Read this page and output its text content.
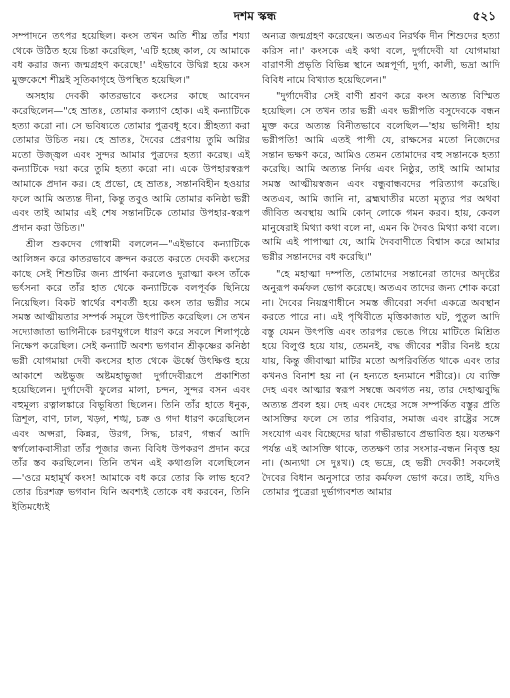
দশম স্কন্ধ	৫২১

সম্পাদনে তৎপর হয়েছিল। কংস তখন অতি শীঘ্র তাঁর শয্যা থেকে উঠিত হয়ে চিন্তা করেছিল, 'এটি হচ্ছে কাল, যে আমাকে বধ করার জন্য জন্মগ্রহণ করেছে!' এইভাবে উদ্বিগ্ন হয়ে কংস মুক্তকেশে শীঘ্রই সূতিকাগৃহে উপস্থিত হয়েছিল।"

অসহায় দেবকী কাতরভাবে কংসের কাছে আবেদন করেছিলেন—"হে ভ্রাতঃ, তোমার কল্যাণ হোক। এই কন্যাটিকে হত্যা করো না। সে ভবিষ্যতে তোমার পুত্রবধূ হবে। স্ত্রীহত্যা করা তোমার উচিত নয়। হে ভ্রাতঃ, দৈবের প্রেরণায় তুমি অগ্নির মতো উজ্জ্বল এবং সুন্দর আমার পুত্রদের হত্যা করেছ। এই কন্যাটিকে দয়া করে তুমি হত্যা করো না। একে উপহারস্বরূপ আমাকে প্রদান কর। হে প্রভো, হে ভ্রাতঃ, সন্তানবিহীন হওয়ার ফলে আমি অত্যন্ত দীনা, কিন্তু তবুও আমি তোমার কনিষ্ঠা ভগ্নী এবং তাই আমার এই শেষ সন্তানটিকে তোমার উপহার-স্বরূপ প্রদান করা উচিত।"

শ্রীল শুকদেব গোস্বামী বললেন—"এইভাবে কন্যাটিকে আলিঙ্গন করে কাতরভাবে ক্রন্দন করতে করতে দেবকী কংসের কাছে সেই শিশুটির জন্য প্রার্থনা করলেও দুরাত্মা কংস তাঁকে ভর্ৎসনা করে তাঁর হাত থেকে কন্যাটিকে বলপূর্বক ছিনিয়ে নিয়েছিল। বিকট স্বার্থের বশবর্তী হয়ে কংস তার ভগ্নীর সমে সমস্ত আত্মীয়তার সম্পর্ক সমূলে উৎপাটিত করেছিল। সে তখন সদ্যোজাতা ভাগিনীকে চরণযুগলে ধারণ করে সবলে শিলাপৃষ্ঠে নিক্ষেপ করেছিল। সেই কন্যাটি অবশ্য ভগবান শ্রীকৃষ্ণের কনিষ্ঠা ভগ্নী যোগমায়া দেবী কংসের হাত থেকে ঊর্ধ্বে উৎক্ষিপ্ত হয়ে আকাশে অষ্টভুজ অষ্টমহাভুজা দুর্গাদেবীরূপে প্রকাশিতা হয়েছিলেন। দুর্গাদেবী ফুলের মালা, চন্দন, সুন্দর বসন এবং বহুমূল্য রত্নালঙ্কারে বিভূষিতা ছিলেন। তিনি তাঁর হাতে ধনুক, ত্রিশূল, বাণ, ঢাল, খড়্গ, শঙ্খ, চক্র ও গদা ধারণ করেছিলেন এবং অপ্সরা, কিন্নর, উরগ, সিদ্ধ, চারণ, গন্ধর্ব আদি স্বর্গলোকবাসীরা তাঁর পূজার জন্য বিবিধ উপকরণ প্রদান করে তাঁর স্তব করছিলেন। তিনি তখন এই কথাগুলি বলেছিলেন—'ওরে মহামূর্খ কংস! আমাকে বধ করে তোর কি লাভ হবে? তোর চিরশত্রু ভগবান যিনি অবশ্যই তোকে বধ করবেন, তিনি ইতিমধ্যেই

অন্যত্র জন্মগ্রহণ করেছেন। অতএব নিরর্থক দীন শিশুদের হত্যা করিস না।' কংসকে এই কথা বলে, দুর্গাদেবী যা যোগমায়া বারাণসী প্রভৃতি বিভিন্ন স্থানে অন্নপূর্ণা, দুর্গা, কালী, ভদ্রা আদি বিবিধ নামে বিখ্যাত হয়েছিলেন।"

"দুর্গাদেবীর সেই বাণী শ্রবণ করে কংস অত্যন্ত বিস্মিত হয়েছিল। সে তখন তার ভগ্নী এবং ভগ্নীপতি বসুদেবকে বন্ধন মুক্ত করে অত্যন্ত বিনীতভাবে বলেছিল—'হায় ভগিনী! হায় ভগ্নীপতি! আমি এতই পাপী যে, রাক্ষসের মতো নিজেদের সন্তান ভক্ষণ করে, আমিও তেমন তোমাদের বহু সন্তানকে হত্যা করেছি। আমি অত্যন্ত নির্দয় এবং নিষ্ঠুর, তাই আমি আমার সমস্ত আত্মীয়স্বজন এবং বন্ধুবান্ধবদের পরিত্যাগ করেছি। অতএব, আমি জানি না, ব্রহ্মঘাতীর মতো মৃত্যুর পর অথবা জীবিত অবস্থায় আমি কোন্ লোকে গমন করব। হায়, কেবল মানুষেরাই মিথ্যা কথা বলে না, এমন কি দৈবও মিথ্যা কথা বলে। আমি এই পাপাত্মা যে, আমি দৈববাণীতে বিশ্বাস করে আমার ভগ্নীর সন্তানদের বধ করেছি।"

"হে মহাত্মা দম্পতি, তোমাদের সন্তানেরা তাদের অদৃষ্টের অনুরূপ কর্মফল ভোগ করেছে। অতএব তাদের জন্য শোক করো না। দৈবের নিয়ন্ত্রণাধীনে সমস্ত জীবেরা সর্বদা একত্রে অবস্থান করতে পারে না। এই পৃথিবীতে মৃত্তিকাজাত ঘট, পুতুল আদি বস্তু যেমন উৎপত্তি এবং তারপর ভেঙে গিয়ে মাটিতে মিশ্রিত হয়ে বিলুপ্ত হয়ে যায়, তেমনই, বদ্ধ জীবের শরীর বিনষ্ট হয়ে যায়, কিন্তু জীবাত্মা মাটির মতো অপরিবর্তিত থাকে এবং তার কখনও বিনাশ হয় না (ন হন্যতে হন্যমানে শরীরে)। যে ব্যক্তি দেহ এবং আত্মার স্বরূপ সম্বন্ধে অবগত নয়, তার দেহাত্মবুদ্ধি অত্যন্ত প্রবল হয়। দেহ এবং দেহের সঙ্গে সম্পর্কিত বস্তুর প্রতি আসক্তির ফলে সে তার পরিবার, সমাজ এবং রাষ্ট্রের সঙ্গে সংযোগ এবং বিচ্ছেদের দ্বারা গভীরভাবে প্রভাবিত হয়। যতক্ষণ পর্যন্ত এই আসক্তি থাকে, ততক্ষণ তার সংসার-বন্ধন নিবৃত্ত হয় না। (অন্যথা সে দুঃখ।) হে ভদ্রে, হে ভগ্নী দেবকী! সকলেই দৈবের বিধান অনুসারে তার কর্মফল ভোগ করে। তাই, যদিও তোমার পুত্রেরা দুর্ভাগ্যবশত আমার
